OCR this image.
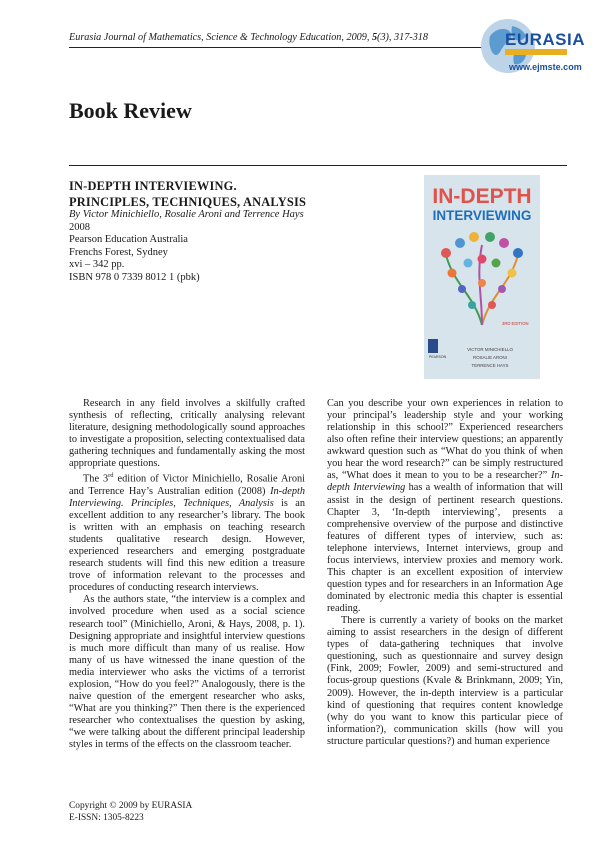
Eurasia Journal of Mathematics, Science & Technology Education, 2009, 5(3), 317-318	EURASIA
www.ejmste.com
Book Review
IN-DEPTH INTERVIEWING.
PRINCIPLES, TECHNIQUES, ANALYSIS
By Victor Minichiello, Rosalie Aroni and Terrence Hays
2008
Pearson Education Australia
Frenchs Forest, Sydney
xvi – 342 pp.
ISBN 978 0 7339 8012 1 (pbk)
IN-DEPTH
INTERVIEWING
3RD EDITION
PEARSON
VICTOR MINICHIELLO
ROSALIE ARONI
TERRENCE HAYS

Research in any field involves a skilfully crafted synthesis of reflecting, critically analysing relevant literature, designing methodologically sound approaches to investigate a proposition, selecting contextualised data gathering techniques and fundamentally asking the most appropriate questions.

The 3rd edition of Victor Minichiello, Rosalie Aroni and Terrence Hay’s Australian edition (2008) In-depth Interviewing. Principles, Techniques, Analysis is an excellent addition to any researcher’s library. The book is written with an emphasis on teaching research students qualitative research design. However, experienced researchers and emerging postgraduate research students will find this new edition a treasure trove of information relevant to the processes and procedures of conducting research interviews.

As the authors state, “the interview is a complex and involved procedure when used as a social science research tool” (Minichiello, Aroni, & Hays, 2008, p. 1). Designing appropriate and insightful interview questions is much more difficult than many of us realise. How many of us have witnessed the inane question of the media interviewer who asks the victims of a terrorist explosion, “How do you feel?” Analogously, there is the naive question of the emergent researcher who asks, “What are you thinking?” Then there is the experienced researcher who contextualises the question by asking, “we were talking about the different principal leadership styles in terms of the effects on the classroom teacher.

Can you describe your own experiences in relation to your principal’s leadership style and your working relationship in this school?” Experienced researchers also often refine their interview questions; an apparently awkward question such as “What do you think of when you hear the word research?” can be simply restructured as, “What does it mean to you to be a researcher?” In-depth Interviewing has a wealth of information that will assist in the design of pertinent research questions. Chapter 3, ‘In-depth interviewing’, presents a comprehensive overview of the purpose and distinctive features of different types of interview, such as: telephone interviews, Internet interviews, group and focus interviews, interview proxies and memory work. This chapter is an excellent exposition of interview question types and for researchers in an Information Age dominated by electronic media this chapter is essential reading.

There is currently a variety of books on the market aiming to assist researchers in the design of different types of data-gathering techniques that involve questioning, such as questionnaire and survey design (Fink, 2009; Fowler, 2009) and semi-structured and focus-group questions (Kvale & Brinkmann, 2009; Yin, 2009). However, the in-depth interview is a particular kind of questioning that requires content knowledge (why do you want to know this particular piece of information?), communication skills (how will you structure particular questions?) and human experience

Copyright © 2009 by EURASIA
E-ISSN: 1305-8223
